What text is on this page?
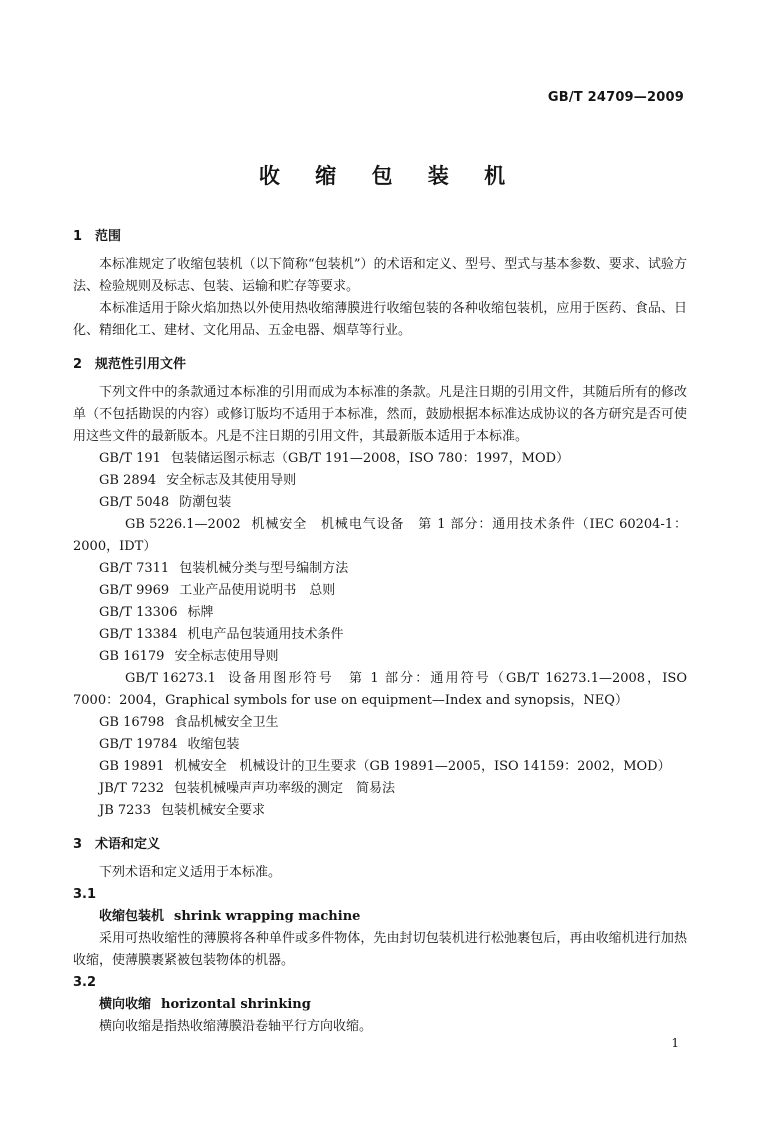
GB/T 24709—2009
收 缩 包 装 机
1 范围

本标准规定了收缩包装机（以下简称“包装机”）的术语和定义、型号、型式与基本参数、要求、试验方法、检验规则及标志、包装、运输和贮存等要求。

本标准适用于除火焰加热以外使用热收缩薄膜进行收缩包装的各种收缩包装机，应用于医药、食品、日化、精细化工、建材、文化用品、五金电器、烟草等行业。

2 规范性引用文件

下列文件中的条款通过本标准的引用而成为本标准的条款。凡是注日期的引用文件，其随后所有的修改单（不包括勘误的内容）或修订版均不适用于本标准，然而，鼓励根据本标准达成协议的各方研究是否可使用这些文件的最新版本。凡是不注日期的引用文件，其最新版本适用于本标准。

GB/T 191 包装储运图示标志（GB/T 191—2008，ISO 780：1997，MOD）

GB 2894 安全标志及其使用导则

GB/T 5048 防潮包装

GB 5226.1—2002 机械安全　机械电气设备　第 1 部分：通用技术条件（IEC 60204-1：2000，IDT）

GB/T 7311 包装机械分类与型号编制方法

GB/T 9969 工业产品使用说明书　总则

GB/T 13306 标牌

GB/T 13384 机电产品包装通用技术条件

GB 16179 安全标志使用导则

GB/T 16273.1 设备用图形符号　第 1 部分：通用符号（GB/T 16273.1—2008，ISO 7000：2004，Graphical symbols for use on equipment—Index and synopsis，NEQ）

GB 16798 食品机械安全卫生

GB/T 19784 收缩包装

GB 19891 机械安全　机械设计的卫生要求（GB 19891—2005，ISO 14159：2002，MOD）

JB/T 7232 包装机械噪声声功率级的测定　简易法

JB 7233 包装机械安全要求

3 术语和定义

下列术语和定义适用于本标准。

3.1

收缩包装机 shrink wrapping machine

采用可热收缩性的薄膜将各种单件或多件物体，先由封切包装机进行松弛裹包后，再由收缩机进行加热收缩，使薄膜裹紧被包装物体的机器。

3.2

横向收缩 horizontal shrinking

横向收缩是指热收缩薄膜沿卷轴平行方向收缩。

1
